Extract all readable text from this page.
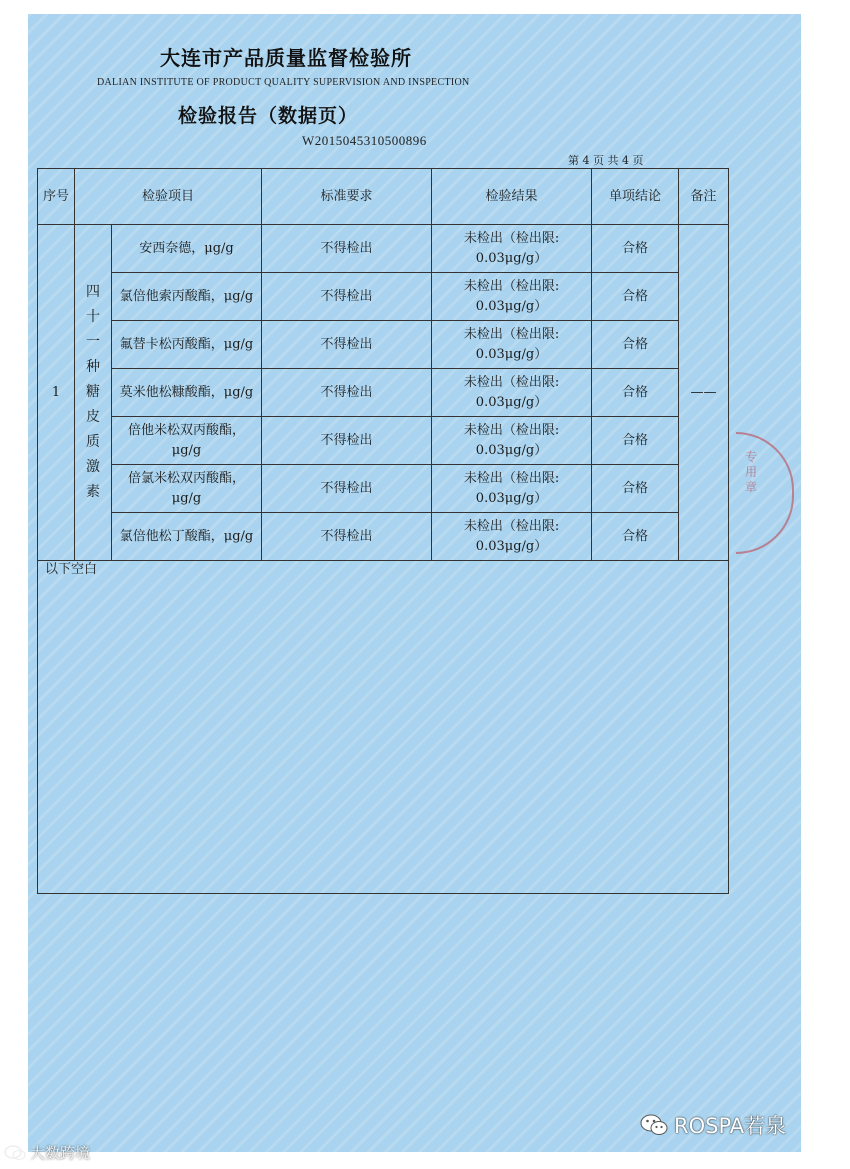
大连市产品质量监督检验所
DALIAN INSTITUTE OF PRODUCT QUALITY SUPERVISION AND INSPECTION
检验报告（数据页）
W2015045310500896
第 4 页 共 4 页
序号	检验项目		标准要求	检验结果	单项结论	备注
1	四十一种糖皮质激素	安西奈德，μg/g	不得检出	未检出（检出限: 0.03μg/g）	合格	——
		氯倍他索丙酸酯，μg/g	不得检出	未检出（检出限: 0.03μg/g）	合格	
		氟替卡松丙酸酯，μg/g	不得检出	未检出（检出限: 0.03μg/g）	合格	
		莫米他松糠酸酯，μg/g	不得检出	未检出（检出限: 0.03μg/g）	合格	
		倍他米松双丙酸酯，μg/g	不得检出	未检出（检出限: 0.03μg/g）	合格	
		倍氯米松双丙酸酯，μg/g	不得检出	未检出（检出限: 0.03μg/g）	合格	
		氯倍他松丁酸酯，μg/g	不得检出	未检出（检出限: 0.03μg/g）	合格	
以下空白
专用章
ROSPA若泉
大数跨境
